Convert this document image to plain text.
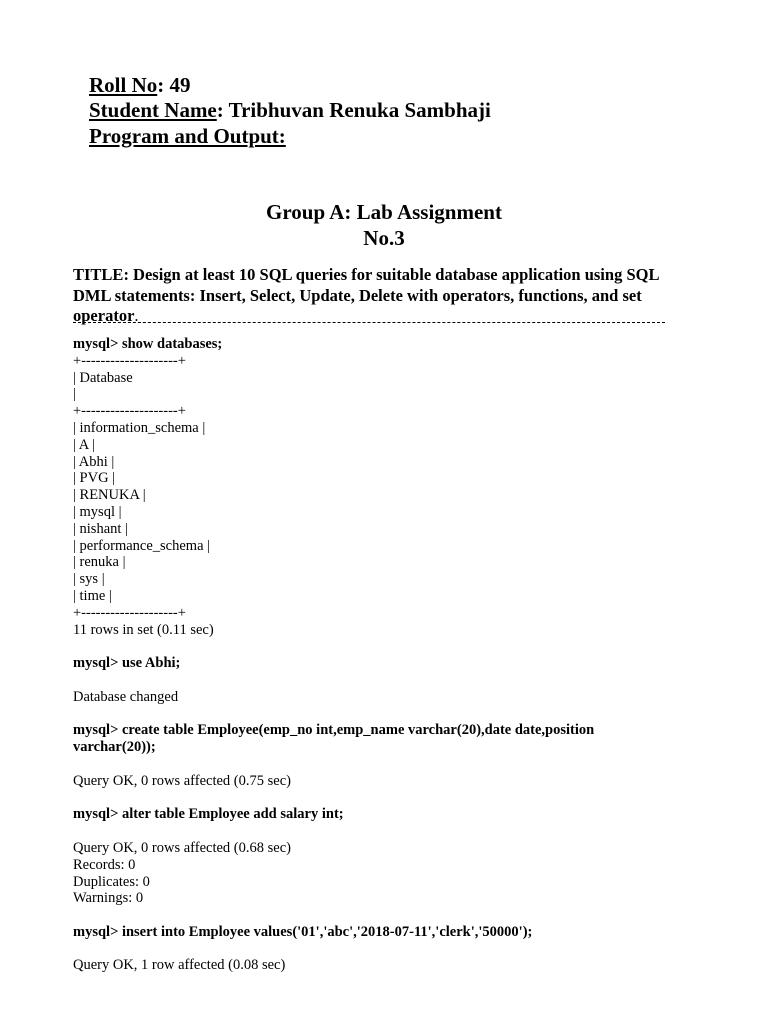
Roll No: 49
Student Name: Tribhuvan Renuka Sambhaji
Program and Output:
Group A: Lab Assignment
No.3
TITLE: Design at least 10 SQL queries for suitable database application using SQL DML statements: Insert, Select, Update, Delete with operators, functions, and set operator.
mysql> show databases;
+--------------------+
| Database
|
+--------------------+
| information_schema |
| A |
| Abhi |
| PVG |
| RENUKA |
| mysql |
| nishant |
| performance_schema |
| renuka |
| sys |
| time |
+--------------------+
11 rows in set (0.11 sec)
mysql> use Abhi;
Database changed
mysql> create table Employee(emp_no int,emp_name varchar(20),date date,position
varchar(20));
Query OK, 0 rows affected (0.75 sec)
mysql> alter table Employee add salary int;
Query OK, 0 rows affected (0.68 sec)
Records: 0
Duplicates: 0
Warnings: 0
mysql> insert into Employee values('01','abc','2018-07-11','clerk','50000');
Query OK, 1 row affected (0.08 sec)
